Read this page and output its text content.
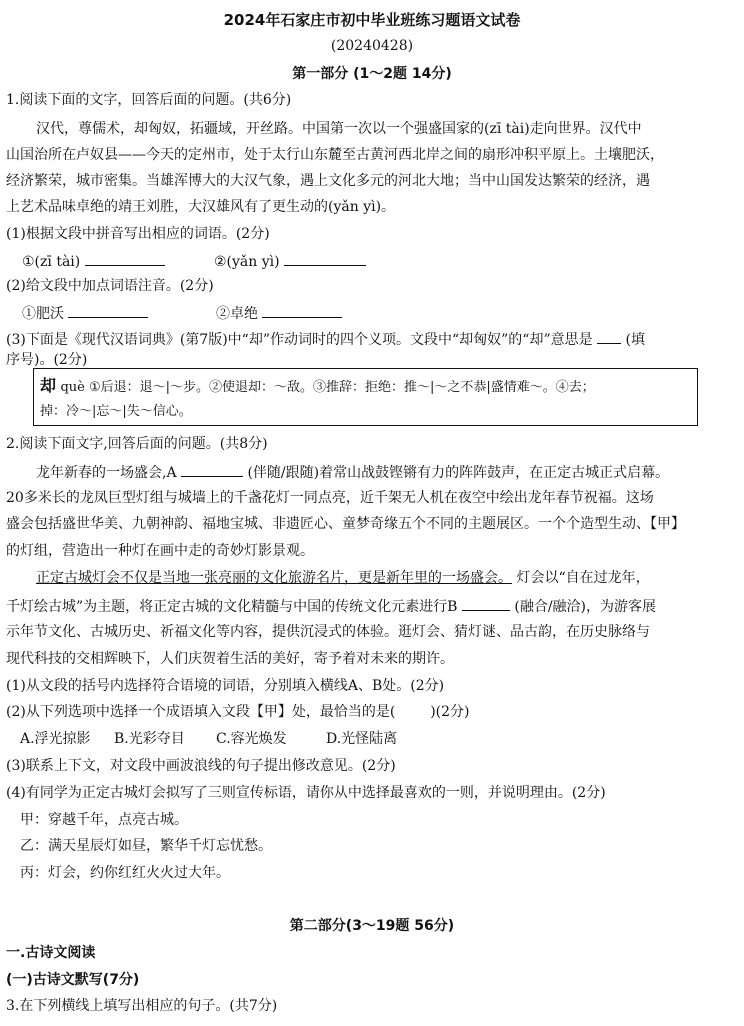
2024年石家庄市初中毕业班练习题语文试卷
(20240428)
第一部分 (1～2题 14分)
1.阅读下面的文字，回答后面的问题。(共6分)
汉代，尊儒术，却匈奴，拓疆域，开丝路。中国第一次以一个强盛国家的(zī tài)走向世界。汉代中
山国治所在卢奴县——今天的定州市，处于太行山东麓至古黄河西北岸之间的扇形冲积平原上。土壤肥沃，
经济繁荣，城市密集。当雄浑博大的大汉气象，遇上文化多元的河北大地；当中山国发达繁荣的经济，遇
上艺术品味卓绝的靖王刘胜，大汉雄风有了更生动的(yǎn yì)。
(1)根据文段中拼音写出相应的词语。(2分)
①(zī tài)	②(yǎn yì)
(2)给文段中加点词语注音。(2分)
①肥沃	②卓绝
(3)下面是《现代汉语词典》(第7版)中“却”作动词时的四个义项。文段中“却匈奴”的“却”意思是 (填
序号)。(2分)
却 què ①后退：退～|～步。②使退却：～敌。③推辞：拒绝：推～|～之不恭|盛情难～。④去；
掉：冷～|忘～|失～信心。
2.阅读下面文字,回答后面的问题。(共8分)
龙年新春的一场盛会,A	(伴随/跟随)着常山战鼓铿锵有力的阵阵鼓声，在正定古城正式启幕。
20多米长的龙凤巨型灯组与城墙上的千盏花灯一同点亮，近千架无人机在夜空中绘出龙年春节祝福。这场
盛会包括盛世华美、九朝神韵、福地宝城、非遗匠心、童梦奇缘五个不同的主题展区。一个个造型生动、【甲】
的灯组，营造出一种灯在画中走的奇妙灯影景观。
正定古城灯会不仅是当地一张亮丽的文化旅游名片，更是新年里的一场盛会。 灯会以“自在过龙年，
千灯绘古城”为主题，将正定古城的文化精髓与中国的传统文化元素进行B	(融合/融洽)，为游客展
示年节文化、古城历史、祈福文化等内容，提供沉浸式的体验。逛灯会、猜灯谜、品古韵，在历史脉络与
现代科技的交相辉映下，人们庆贺着生活的美好，寄予着对未来的期许。
(1)从文段的括号内选择符合语境的词语，分别填入横线A、B处。(2分)
(2)从下列选项中选择一个成语填入文段【甲】处，最恰当的是( )(2分)
A.浮光掠影 B.光彩夺目 C.容光焕发	D.光怪陆离
(3)联系上下文，对文段中画波浪线的句子提出修改意见。(2分)
(4)有同学为正定古城灯会拟写了三则宣传标语，请你从中选择最喜欢的一则，并说明理由。(2分)
甲：穿越千年，点亮古城。
乙：满天星辰灯如昼，繁华千灯忘忧愁。
丙：灯会，约你红红火火过大年。
第二部分(3～19题 56分)
一.古诗文阅读
(一)古诗文默写(7分)
3.在下列横线上填写出相应的句子。(共7分)
